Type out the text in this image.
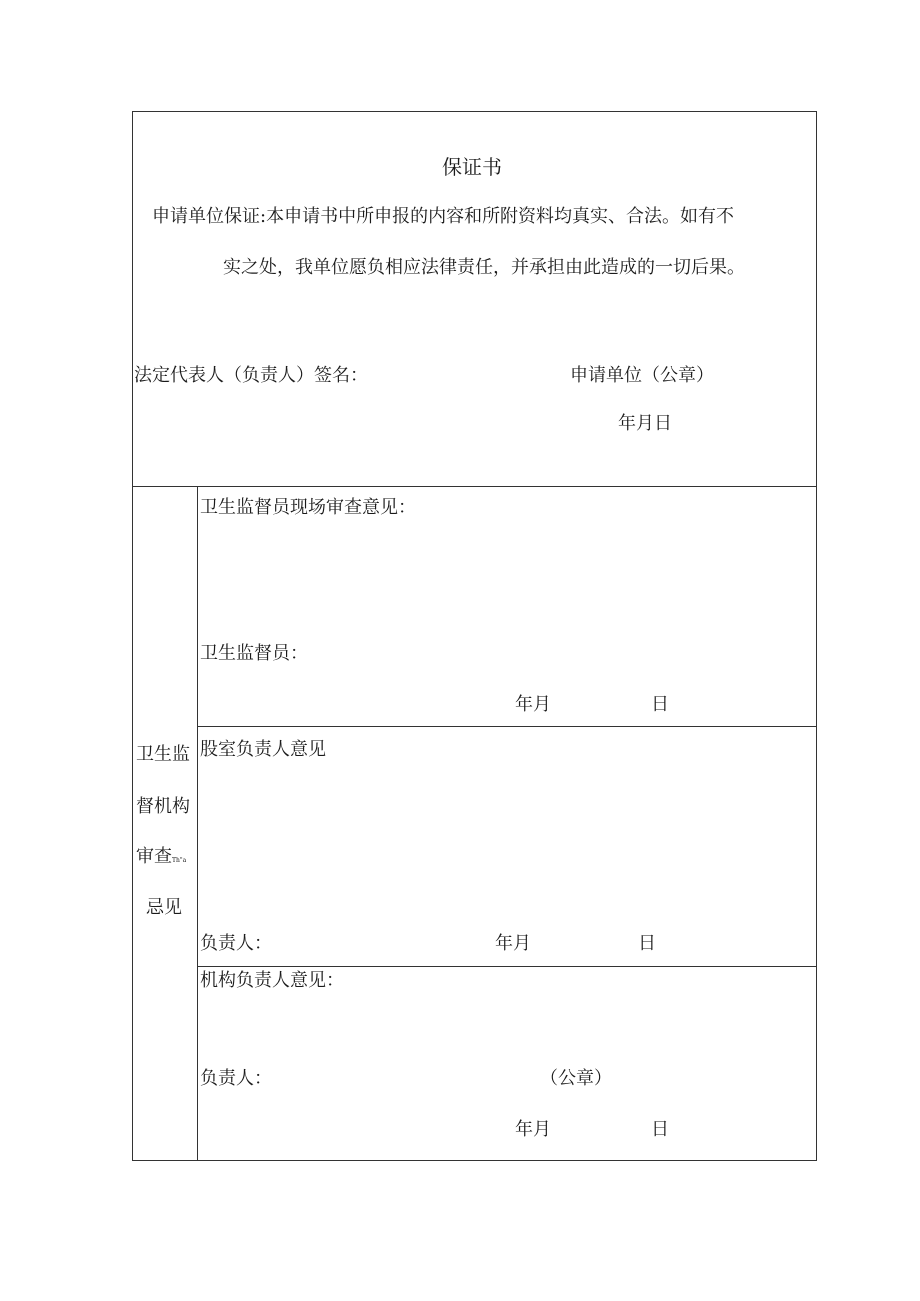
保证书
申请单位保证:本申请书中所申报的内容和所附资料均真实、合法。如有不
实之处，我单位愿负相应法律责任，并承担由此造成的一切后果。
法定代表人（负责人）签名：	申请单位（公章）
年月日
卫生监
督机构
审查Th"a
忌见
卫生监督员现场审查意见：
卫生监督员：
年月	日
股室负责人意见
负责人：	年月	日
机构负责人意见：
负责人：	（公章）
年月	日
